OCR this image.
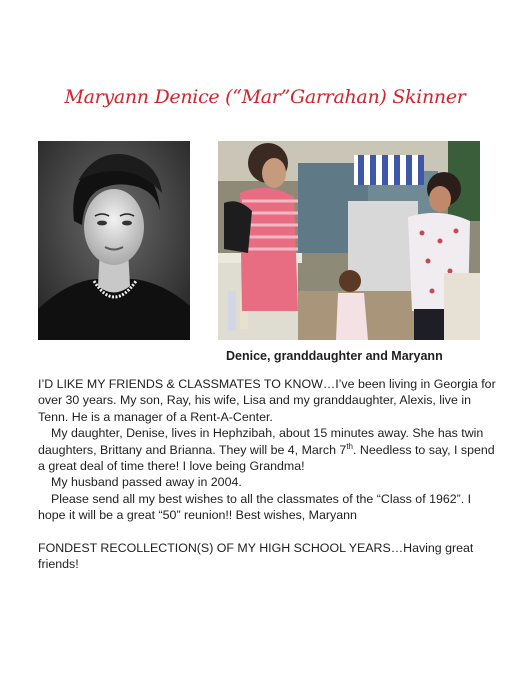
Maryann Denice (“Mar”Garrahan) Skinner
Denice, granddaughter and Maryann

I’D LIKE MY FRIENDS & CLASSMATES TO KNOW…I’ve been living in Georgia for over 30 years. My son, Ray, his wife, Lisa and my granddaughter, Alexis, live in Tenn. He is a manager of a Rent-A-Center.

My daughter, Denise, lives in Hephzibah, about 15 minutes away. She has twin daughters, Brittany and Brianna. They will be 4, March 7th. Needless to say, I spend a great deal of time there! I love being Grandma!

My husband passed away in 2004.

Please send all my best wishes to all the classmates of the “Class of 1962”. I hope it will be a great “50” reunion!! Best wishes, Maryann

FONDEST RECOLLECTION(S) OF MY HIGH SCHOOL YEARS…Having great friends!
